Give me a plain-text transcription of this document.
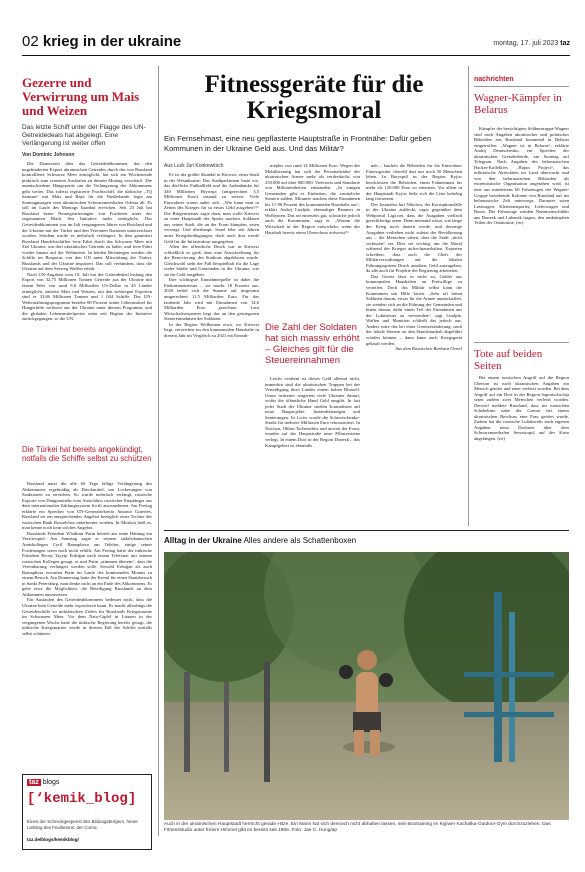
02 krieg in der ukraine	montag, 17. juli 2023 taz
Gezerre und Verwirrung um Mais und Weizen
Das letzte Schiff unter der Flagge des UN-Getreidedeals hat abgelegt. Eine Verlängerung ist weiter offen
Von Dominic Johnson

Der Dauerstreit über das Getreideabkommen, das den ungehinderten Export ukrainischen Getreides durch das von Russland kontrollierte Schwarze Meer ermöglicht, hat sich am Wochenende praktisch zum erneuten Auslaufen zu diesem Montag verschärft. Die unentschiedene Hängepartie um die Verlängerung des Abkommens geht weiter. Das zuletzt registrierte Frachtschiff, die türkische „TQ Samsun“ mit Mais und Raps für die Niederlande, legte am Sonntagmorgen vom ukrainischen Schwarzmeerhafen Odessa ab. Es soll im Laufe des Montags Istanbul erreichen. Seit 23 Juli hat Russland keine Neuregistrierungen von Frachtern unter der sogenannten Black Sea Initiative mehr ermöglicht. Das Getreideabkommen war im Juli vergangenen Jahres von Russland und der Ukraine mit der Türkei und den Vereinten Nationen unterzeichnet worden. Seitdem wurde es mehrfach verlängert. In ihm garantiert Russland Handelsschiffen freie Fahrt durch das Schwarze Meer mit Ziel Ukraine, um dort ukrainisches Getreide zu laden, und freie Fahrt wieder hinaus auf die Weltmeere. In beiden Richtungen werden die Schiffe im Bosporus von den UN unter Mitwirkung der Türkei, Russlands und der Ukraine inspiziert. Das soll verhindern, dass die Ukraine auf dem Seeweg Waffen erhält.

Nach UN-Angaben vom 10. Juli hat der Getreidedeal bislang den Export von 32,75 Millionen Tonnen Getreide aus der Ukraine mit einem Wert von rund 9,8 Milliarden US-Dollar in 45 Länder ermöglicht, zumeist Mais und Weizen, mit den siebriegen Exporten sind es 33,86 Millionen Tonnen und 1 044 Schiffe. Das UN-Welternährungsprogramm beziehe 80 Prozent seiner Lebensmittel für Hungerhilfe weltweit aus der Ukraine unter diesem Programm, und die globalen Lebensmittelpreise seien seit Beginn der Initiative zurückgegangen, so die UN.

Die Türkei hat bereits angekündigt, notfalls die Schiffe selbst zu schützen

Russland nutzt die alle 60 Tage fällige Verlängerung des Abkommens regelmäßig als Druckmittel, um Lockerungen von Sanktionen zu erreichen. So wurde mehrfach verlangt, russische Exporte von Düngemitteln vom Ausschluss russischer Empfänger aus dem internationalen Zahlungssystem Swift auszunehmen. Am Freitag erklärte ein Sprecher von UN-Generalsekretär Antonio Guterres, Russland sei ein entsprechendes Angebot bezüglich einer Tochter der russischen Bank Rosselchos unterbreitet worden. In Moskau hieß es, man kenne noch kein solches Angebot.

Russlands Präsident Wladimir Putin betrieb am seine Haltung ein Verwirrspiel. Am Samstag sagte er seinem südafrikanischen Amtskollegen Cyril Ramaphosa am Telefon, einige seiner Forderungen seien noch nicht erfüllt. Am Freitag hatte der türkische Präsident Recep Tayyip Erdoğan nach einem Telefonat mit seinem russischen Kollegen gesagt, er und Putin „stimmen überein“, dass die Vereinbarung verlängert werden solle. Sowohl Erdoğan als auch Ramaphosa erwarten Putin im Laufe des kommenden Monats zu einem Besuch. Am Donnerstag hatte der Kreml für einen Staatsbesuch in Sankt Petersburg, man denke nicht an ein Ende des Abkommens. Es gebe etwa die Möglichkeit, die Beteiligung Russlands an dem Abkommen auszusetzen.

Ein Auslaufen des Getreideabkommens bedeutet nicht, dass die Ukraine kein Getreide mehr exportieren kann. Es macht allerdings die Getreideschiffe zu militärischen Zielen für Russlands Kriegsmarine im Schwarzen Meer. Vor dem Nato-Gipfel in Litauen in der vergangenen Woche hatte die türkische Regierung bereits gesagt, die türkische Kriegsmarine werde in diesem Fall die Schiffe notfalls selbst schützen.

taz blogs
[‘kemik_blog]
Eines der Schreckgespenst des Bildungsbürgers, heute Liebling des Feuilletons: der Comic.
taz.de/blogs/kemikblog/
Fitnessgeräte für die Kriegsmoral
Ein Fernsehmast, eine neu gepflasterte Hauptstraße in Frontnähe: Dafür geben Kommunen in der Ukraine Geld aus. Und das Militär?
Aus Luzk Juri Konkewitsch

Es ist der größte Skandal in Kiewrzi, einer Stadt in der Westukraine: Das Stadtparlament hatte vor, das dörfliche Fußballfeld und die Außenbänke für 440 Millionen Hrywnja (umgerechnet 3,5 Millionen Euro) instand zu setzen. Viele Einwohner waren außer sich. „Wie kann man in Zeiten des Krieges für so etwas Geld ausgeben?!“ Der Bürgermeister sagte dazu, man wolle Kiewrzi zu einer Hauptstadt des Sports machen. Soldaten aus seiner Stadt, die an der Front kämpfen, seien versorgt. Und überhaupt: Israel lebe seit Jahren unter Kriegsbedingungen, doch auch dort werde Geld für die Infrastruktur ausgegeben.

Allen der öffentliche Druck war in Kiewrzi schließlich so groß, dass eine Ausschreibung für die Renovierung des Stadions abgeblasen wurde. Gleichwohl steht der Fall beispielhaft für die Lage vieler Städte und Gemeinden in der Ukraine, wie sie ihr Geld ausgeben.

Ihre wichtigste Einnahmequelle ist dabei die Einkommensteuer – sie macht 18 Prozent aus. 2020 belief sich die Summe auf insgesamt umgerechnet 11,5 Milliarden Euro. Für das laufende Jahr wird mit Einnahmen von 14,6 Milliarden Euro gerechnet. Laut Wirtschaftsexperten liegt das an den gestiegenen Steuereinnahmen der Soldaten.

In der Region Wolhynien etwa, wo Kiewrzi liegt, verzeichne im den kommunalen Haushalte in diesem Jahr im Vergleich zu 2021 ein Einnah-

meplus von rund 14 Millionen Euro. Wegen der Mobilisierung hat sich die Personalstärke der ukrainischen Armee mehr als verdreifacht: von 250.000 auf über 800.000. Vielerorts und Standorte von Militäreinheiten entstanden. „In einigen Gemeinden gibt es Einheiten, die zusätzliche Steuern zahlen. Mitunter machen diese Einnahmen bis 11-90 Prozent des kommunalen Haushalts aus“, erklärt Andrij Lindjuk, ehemaliger Beamter in Wolhynien. Das sei einerseits gut, schwäche jedoch auch die Kommunen, sagt er. „Warum die Wirtschaft in der Region entwickeln, wenn der Haushalt bereits einen Überschuss aufweist?“

Die Zahl der Soldaten hat sich massiv erhöht – Gleiches gilt für die Steuereinnahmen

Leicht verdient ist dieses Geld allemal nicht, immerhin sind die ukrainischen Truppen bei der Verteidigung ihres Landes einem hohen Blutzoll. Umso irritierter reagieren viele Ukrainer darauf, wofür die öffentliche Hand Geld ausgibt. In fast jeder Stadt der Ukraine stießen Journalisten auf teure Bauprojekte, Instandsetzungen und Sanierungen. In Lwiw wurde die Schewtschenko-Straße für mehrere Millionen Euro rekonstruiert. In Nischyn, Oblast Tschernihiw und unweit der Front, wurden auf der Hauptstraße neue Pflastersteine verlegt. In einem Dorf in der Region Donezk – das Kampfgebiet ist ebenfalls

nah – kauften die Behörden für die Einwohner Fitnessgeräte, obwohl dort nur noch 50 Menschen leben. In Borysptil in der Region Kyjiw beschlossen die Behörden, einen Fahnenmast für mehr als 120.000 Euro zu erneuern. Vor allem in der Hauptstadt Kyjiw ließe sich die Liste beliebig lang fortsetzen.

Der Journalist Juri Nikolow, der Korruptionsfälle in der Ukraine aufdeckt, sagte gegenüber dem Webportal Liga.net, dass die Ausgaben vielfach gerechtfertigt seien. Denn niemand wisse, wie lange der Krieg noch dauern werde, und derartige Ausgaben verliehen nicht zuletzt der Bevölkerung aus – die Menschen sähen, dass die Stadt „nicht verlassen“ sei. Dies sei wichtig, um die Moral während des Krieges aufrechtzuerhalten. Experten schreiben, dass auch die Chefs der Militärverwaltungen auf die lokalen Führungsspitzen Druck ausüben, Geld auszugeben, da alle auch für Projekte der Regierung arbeiteten.

Das Gesetz lässt es nicht zu, Gelder aus kommunalen Haushalten an Freiwillige zu verteilen. Doch das Militär selbst kann die Kommunen um Hilfe bitten. „Sehr oft bitten Soldaten darum, etwas für die Armee anzuschaffen, sie wenden sich an die Führung der Gemeinden und bitten darum, dafür einen Teil der Einnahmen aus der Lohnsteuer zu verwenden“, sagt Lindjuk. Waffen und Munition schließt das jedoch aus. Anders wäre das bei einer Gesetzesänderung, nach der lokale Steuern an den Staatshaushalt abgeführt würden können – dann kann auch Kriegsgerät gekauft werden.

Aus dem Russischen Barbara Oertel

nachrichten
Wagner-Kämpfer in Belarus

Kämpfer der berüchtigten Söldnertruppe Wagner sind nach Angaben ukrainischer und polnischer Behörden aus Russland kommend in Belarus eingetroffen. „Wagner ist in Belarus“, erklärte Andrij Demtschenko, ein Sprecher der ukrainischen Grenzbehörde, am Sonntag auf Telegram. Nach Angaben des belarussischen Hacker-Kollektivs „Hajun Project“, das militärische Aktivitäten im Land überwacht und von den belarussischen Behörden als extremistische Organisation angesehen wird, ist eine aus mindestens 60 Fahrzeugen der Wagner-Gruppe bestehende Kolonne von Russland aus ins belarussische Zelt unterwegs. Darunter seien Lastwagen, Kleintransporter, Lieferwagen und Busse. Die Fahrzeuge würden Nummernschilder aus Donezk und Luhansk tragen, den umkämpften Teilen der Ostukraine. (rtr)

Tote auf beiden Seiten

Bei einem russischen Angriff auf die Region Cherson ist nach ukrainischen Angaben ein Mensch getötet und einer verletzt worden. Bei dem Angriff auf ein Dorf in der Region Saporischschja seien zudem zwei Menschen verletzt worden. Derweil meldete Russland, dass im russischen Schebekino nahe der Grenze bei einem ukrainischen Beschuss eine Frau getötet wurde. Zudem hat die russische Luftabwehr nach eigenen Angaben neun Drohnen über dem Schwarzmeerhafen Sewastopol auf der Krim abgefangen. (rtr)

Alltag in der Ukraine Alles andere als Schattenboxen
Auch in der ukrainischen Hauptstadt herrscht gerade Hitze. Ein Mann hat sich dennoch nicht abhalten lassen, sein Boxtraining im Kyjiwer Kachalka-Outdoor-Gym durchzuziehen. Das Fitnessstudio unter freiem Himmel gibt es bereits seit 1966. Foto: Jae C. Hong/ap
